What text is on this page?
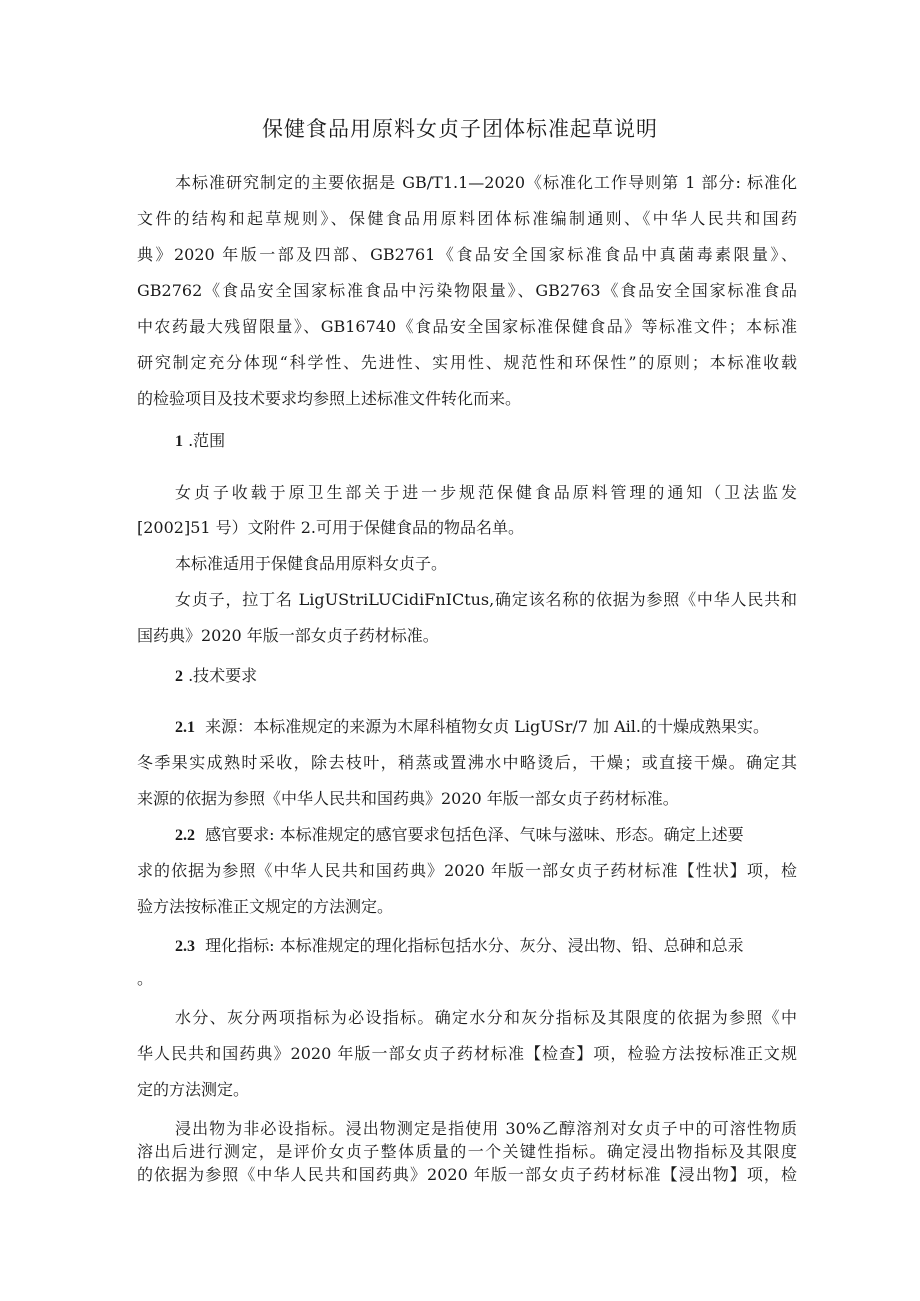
保健食品用原料女贞子团体标准起草说明
本标准研究制定的主要依据是 GB/T1.1—2020《标准化工作导则第 1 部分: 标准化
文件的结构和起草规则》、保健食品用原料团体标准编制通则、《中华人民共和国药
典》2020 年版一部及四部、GB2761《食品安全国家标准食品中真菌毒素限量》、
GB2762《食品安全国家标准食品中污染物限量》、GB2763《食品安全国家标准食品
中农药最大残留限量》、GB16740《食品安全国家标准保健食品》等标准文件；本标准
研究制定充分体现“科学性、先进性、实用性、规范性和环保性”的原则；本标准收载
的检验项目及技术要求均参照上述标准文件转化而来。
1 .范围
女贞子收载于原卫生部关于进一步规范保健食品原料管理的通知（卫法监发
[2002]51 号）文附件 2.可用于保健食品的物品名单。
本标准适用于保健食品用原料女贞子。
女贞子，拉丁名 LigUStriLUCidiFnICtus,确定该名称的依据为参照《中华人民共和
国药典》2020 年版一部女贞子药材标准。
2 .技术要求
2.1 来源：本标准规定的来源为木犀科植物女贞 LigUSr/7 加 Ail.的十燥成熟果实。
冬季果实成熟时采收，除去枝叶，稍蒸或置沸水中略烫后，干燥；或直接干燥。确定其
来源的依据为参照《中华人民共和国药典》2020 年版一部女贞子药材标准。
2.2 感官要求: 本标准规定的感官要求包括色泽、气味与滋味、形态。确定上述要
求的依据为参照《中华人民共和国药典》2020 年版一部女贞子药材标准【性状】项，检
验方法按标准正文规定的方法测定。
2.3 理化指标: 本标准规定的理化指标包括水分、灰分、浸出物、铅、总砷和总汞
。
水分、灰分两项指标为必设指标。确定水分和灰分指标及其限度的依据为参照《中
华人民共和国药典》2020 年版一部女贞子药材标准【检查】项，检验方法按标准正文规
定的方法测定。
浸出物为非必设指标。浸出物测定是指使用 30%乙醇溶剂对女贞子中的可溶性物质
溶出后进行测定，是评价女贞子整体质量的一个关键性指标。确定浸出物指标及其限度
的依据为参照《中华人民共和国药典》2020 年版一部女贞子药材标准【浸出物】项，检
